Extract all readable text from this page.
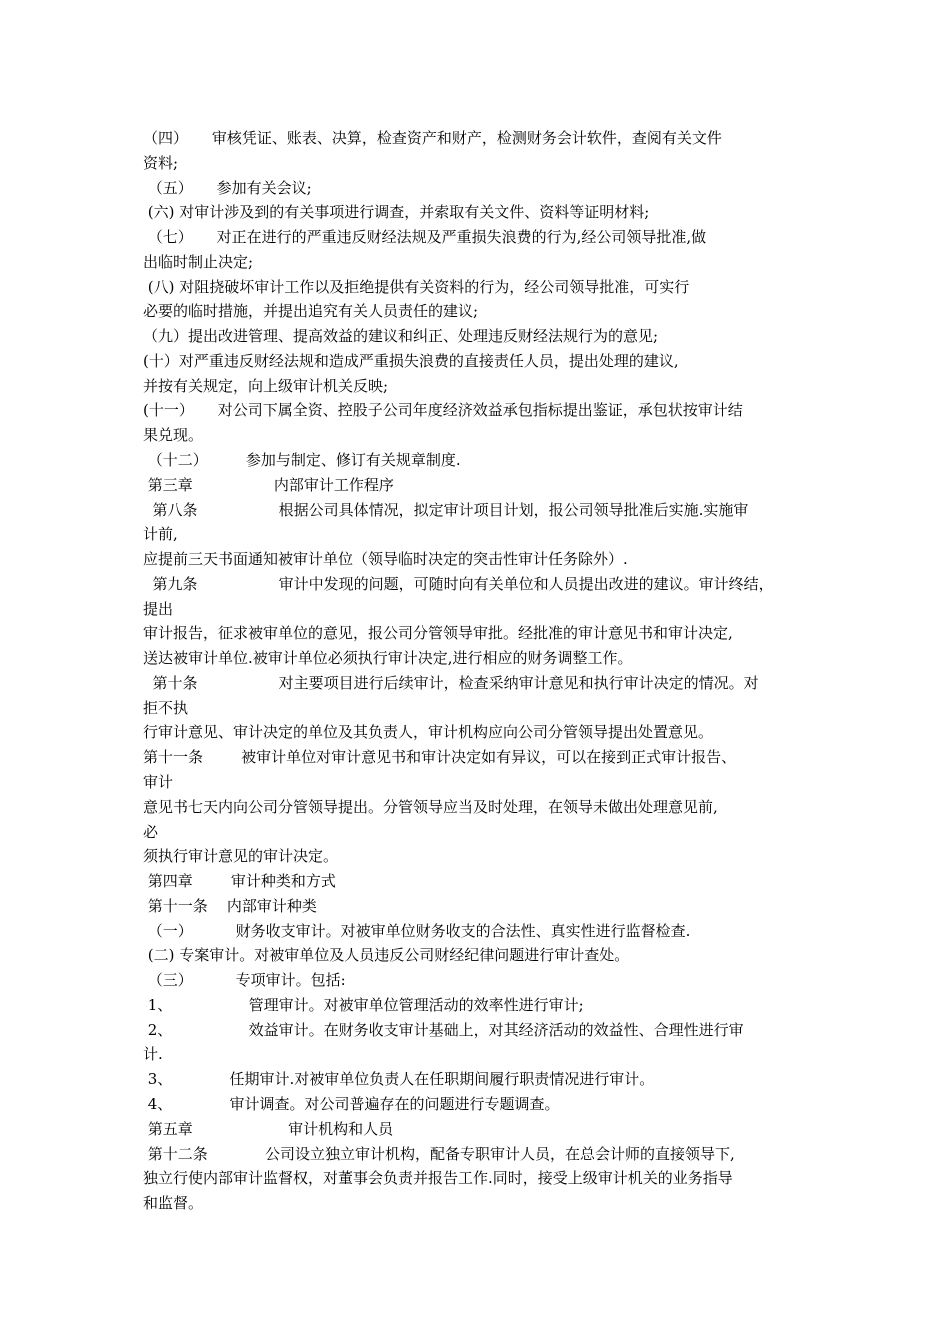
（四）     审核凭证、账表、决算，检查资产和财产，检测财务会计软件，查阅有关文件
资料;
（五）     参加有关会议;
(六) 对审计涉及到的有关事项进行调查，并索取有关文件、资料等证明材料;
（七）     对正在进行的严重违反财经法规及严重损失浪费的行为,经公司领导批准,做
出临时制止决定;
(八) 对阻挠破坏审计工作以及拒绝提供有关资料的行为，经公司领导批准，可实行
必要的临时措施，并提出追究有关人员责任的建议;
（九）提出改进管理、提高效益的建议和纠正、处理违反财经法规行为的意见;
(十）对严重违反财经法规和造成严重损失浪费的直接责任人员，提出处理的建议,
并按有关规定，向上级审计机关反映;
(十一）     对公司下属全资、控股子公司年度经济效益承包指标提出鉴证，承包状按审计结
果兑现。
（十二）        参加与制定、修订有关规章制度.
第三章                 内部审计工作程序
第八条                 根据公司具体情况，拟定审计项目计划，报公司领导批准后实施.实施审
计前,
应提前三天书面通知被审计单位（领导临时决定的突击性审计任务除外）.
第九条                 审计中发现的问题，可随时向有关单位和人员提出改进的建议。审计终结，
提出
审计报告，征求被审单位的意见，报公司分管领导审批。经批准的审计意见书和审计决定,
送达被审计单位.被审计单位必须执行审计决定,进行相应的财务调整工作。
第十条                 对主要项目进行后续审计，检查采纳审计意见和执行审计决定的情况。对
拒不执
行审计意见、审计决定的单位及其负责人，审计机构应向公司分管领导提出处置意见。
第十一条        被审计单位对审计意见书和审计决定如有异议，可以在接到正式审计报告、
审计
意见书七天内向公司分管领导提出。分管领导应当及时处理，在领导未做出处理意见前,
必
须执行审计意见的审计决定。
第四章        审计种类和方式
第十一条    内部审计种类
（一）         财务收支审计。对被审单位财务收支的合法性、真实性进行监督检查.
(二) 专案审计。对被审单位及人员违反公司财经纪律问题进行审计查处。
（三）         专项审计。包括:
1、                管理审计。对被审单位管理活动的效率性进行审计;
2、                效益审计。在财务收支审计基础上，对其经济活动的效益性、合理性进行审
计.
3、            任期审计.对被审单位负责人在任职期间履行职责情况进行审计。
4、            审计调查。对公司普遍存在的问题进行专题调查。
第五章                    审计机构和人员
第十二条            公司设立独立审计机构，配备专职审计人员，在总会计师的直接领导下,
独立行使内部审计监督权，对董事会负责并报告工作.同时，接受上级审计机关的业务指导
和监督。
